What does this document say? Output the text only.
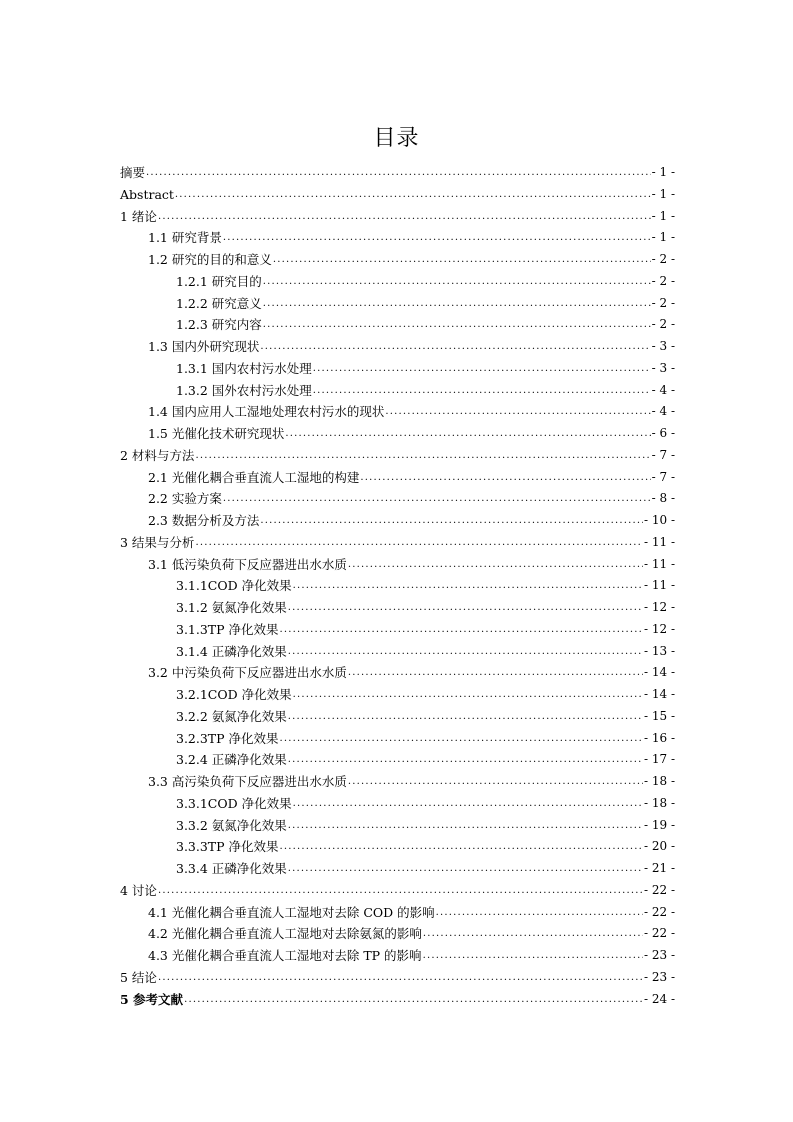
目录
摘要 .....	- 1 -
Abstract .....	- 1 -
1 绪论 .....	- 1 -
1.1 研究背景 .....	- 1 -
1.2 研究的目的和意义 .....	- 2 -
1.2.1 研究目的 .....	- 2 -
1.2.2 研究意义 .....	- 2 -
1.2.3 研究内容 .....	- 2 -
1.3 国内外研究现状 .....	- 3 -
1.3.1 国内农村污水处理 .....	- 3 -
1.3.2 国外农村污水处理 .....	- 4 -
1.4 国内应用人工湿地处理农村污水的现状 .....	- 4 -
1.5 光催化技术研究现状 .....	- 6 -
2 材料与方法 .....	- 7 -
2.1 光催化耦合垂直流人工湿地的构建 .....	- 7 -
2.2 实验方案 .....	- 8 -
2.3 数据分析及方法 .....	- 10 -
3 结果与分析 .....	- 11 -
3.1 低污染负荷下反应器进出水水质 .....	- 11 -
3.1.1COD 净化效果 .....	- 11 -
3.1.2 氨氮净化效果 .....	- 12 -
3.1.3TP 净化效果 .....	- 12 -
3.1.4 正磷净化效果 .....	- 13 -
3.2 中污染负荷下反应器进出水水质 .....	- 14 -
3.2.1COD 净化效果 .....	- 14 -
3.2.2 氨氮净化效果 .....	- 15 -
3.2.3TP 净化效果 .....	- 16 -
3.2.4 正磷净化效果 .....	- 17 -
3.3 高污染负荷下反应器进出水水质 .....	- 18 -
3.3.1COD 净化效果 .....	- 18 -
3.3.2 氨氮净化效果 .....	- 19 -
3.3.3TP 净化效果 .....	- 20 -
3.3.4 正磷净化效果 .....	- 21 -
4 讨论 .....	- 22 -
4.1 光催化耦合垂直流人工湿地对去除 COD 的影响 .....	- 22 -
4.2 光催化耦合垂直流人工湿地对去除氨氮的影响 .....	- 22 -
4.3 光催化耦合垂直流人工湿地对去除 TP 的影响 .....	- 23 -
5 结论 .....	- 23 -
5 参考文献 .....	- 24 -
